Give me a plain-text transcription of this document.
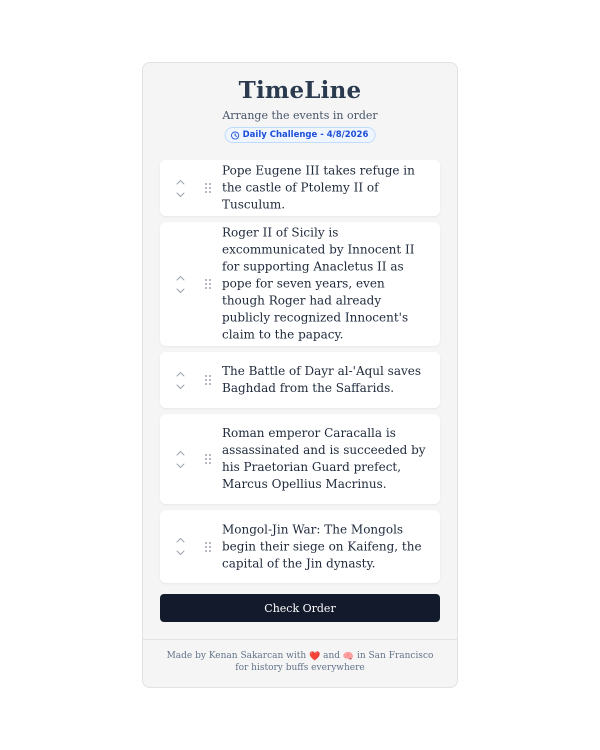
TimeLine

Arrange the events in order

Daily Challenge - 4/8/2026
Pope Eugene III takes refuge in the castle of Ptolemy II of Tusculum.
Roger II of Sicily is excommunicated by Innocent II for supporting Anacletus II as pope for seven years, even though Roger had already publicly recognized Innocent's claim to the papacy.
The Battle of Dayr al-'Aqul saves Baghdad from the Saffarids.
Roman emperor Caracalla is assassinated and is succeeded by his Praetorian Guard prefect, Marcus Opellius Macrinus.
Mongol-Jin War: The Mongols begin their siege on Kaifeng, the capital of the Jin dynasty.
Check Order

Made by Kenan Sakarcan with ❤️ and 🧠 in San Francisco for history buffs everywhere
